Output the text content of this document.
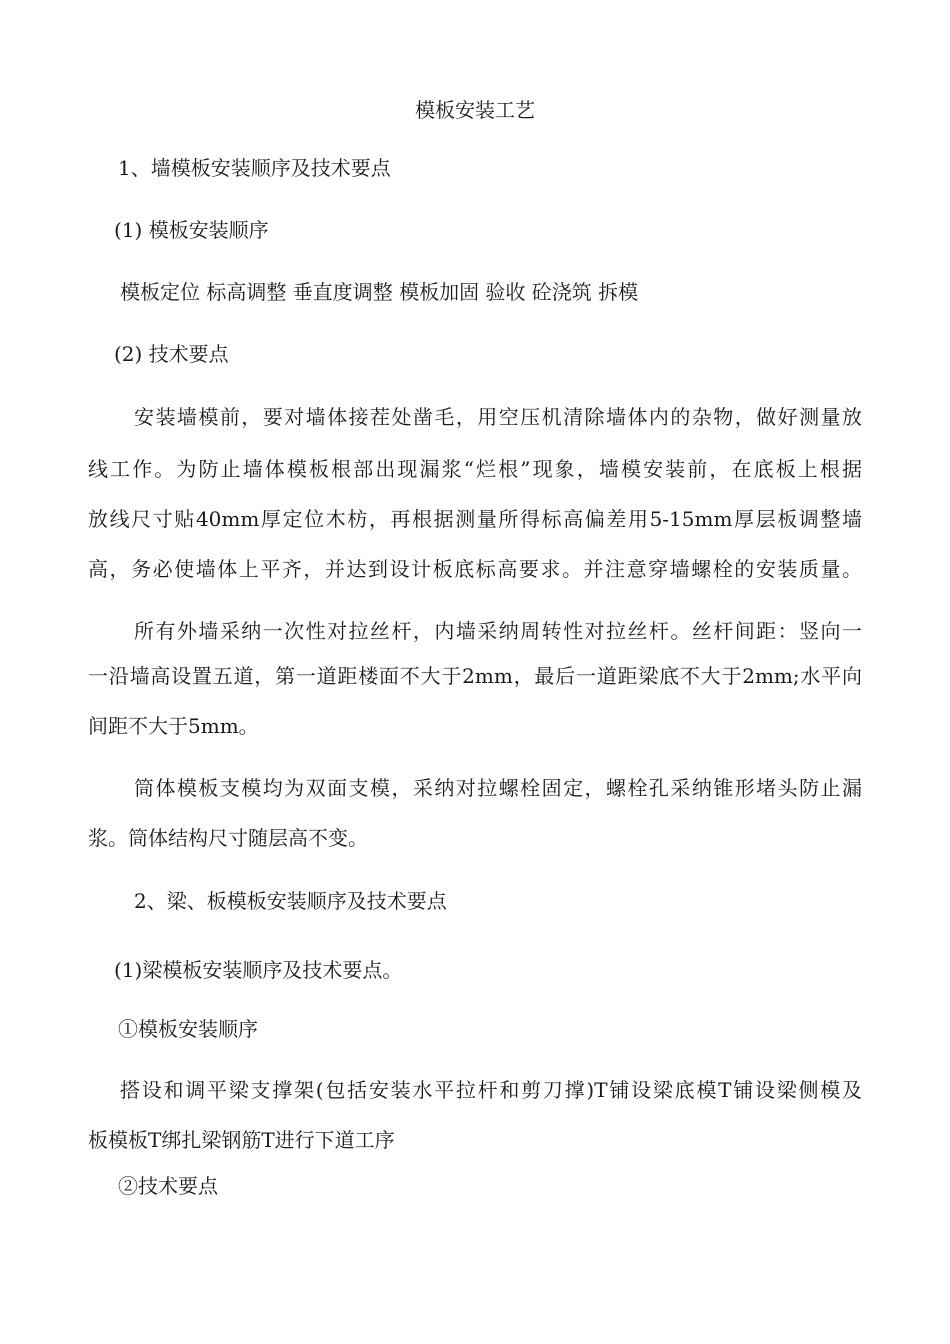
模板安装工艺
1、墙模板安装顺序及技术要点
(1) 模板安装顺序
模板定位 标高调整 垂直度调整 模板加固 验收 砼浇筑 拆模
(2) 技术要点
安装墙模前，要对墙体接茬处凿毛，用空压机清除墙体内的杂物，做好测量放
线工作。为防止墙体模板根部出现漏浆“烂根”现象，墙模安装前，在底板上根据
放线尺寸贴40mm厚定位木枋，再根据测量所得标高偏差用5-15mm厚层板调整墙
高，务必使墙体上平齐，并达到设计板底标高要求。并注意穿墙螺栓的安装质量。
所有外墙采纳一次性对拉丝杆，内墙采纳周转性对拉丝杆。丝杆间距：竖向一
一沿墙高设置五道，第一道距楼面不大于2mm，最后一道距梁底不大于2mm;水平向
间距不大于5mm。
筒体模板支模均为双面支模，采纳对拉螺栓固定，螺栓孔采纳锥形堵头防止漏
浆。筒体结构尺寸随层高不变。
2、梁、板模板安装顺序及技术要点
(1)梁模板安装顺序及技术要点。
①模板安装顺序
搭设和调平梁支撑架(包括安装水平拉杆和剪刀撑)T铺设梁底模T铺设梁侧模及
板模板T绑扎梁钢筋T进行下道工序
②技术要点
